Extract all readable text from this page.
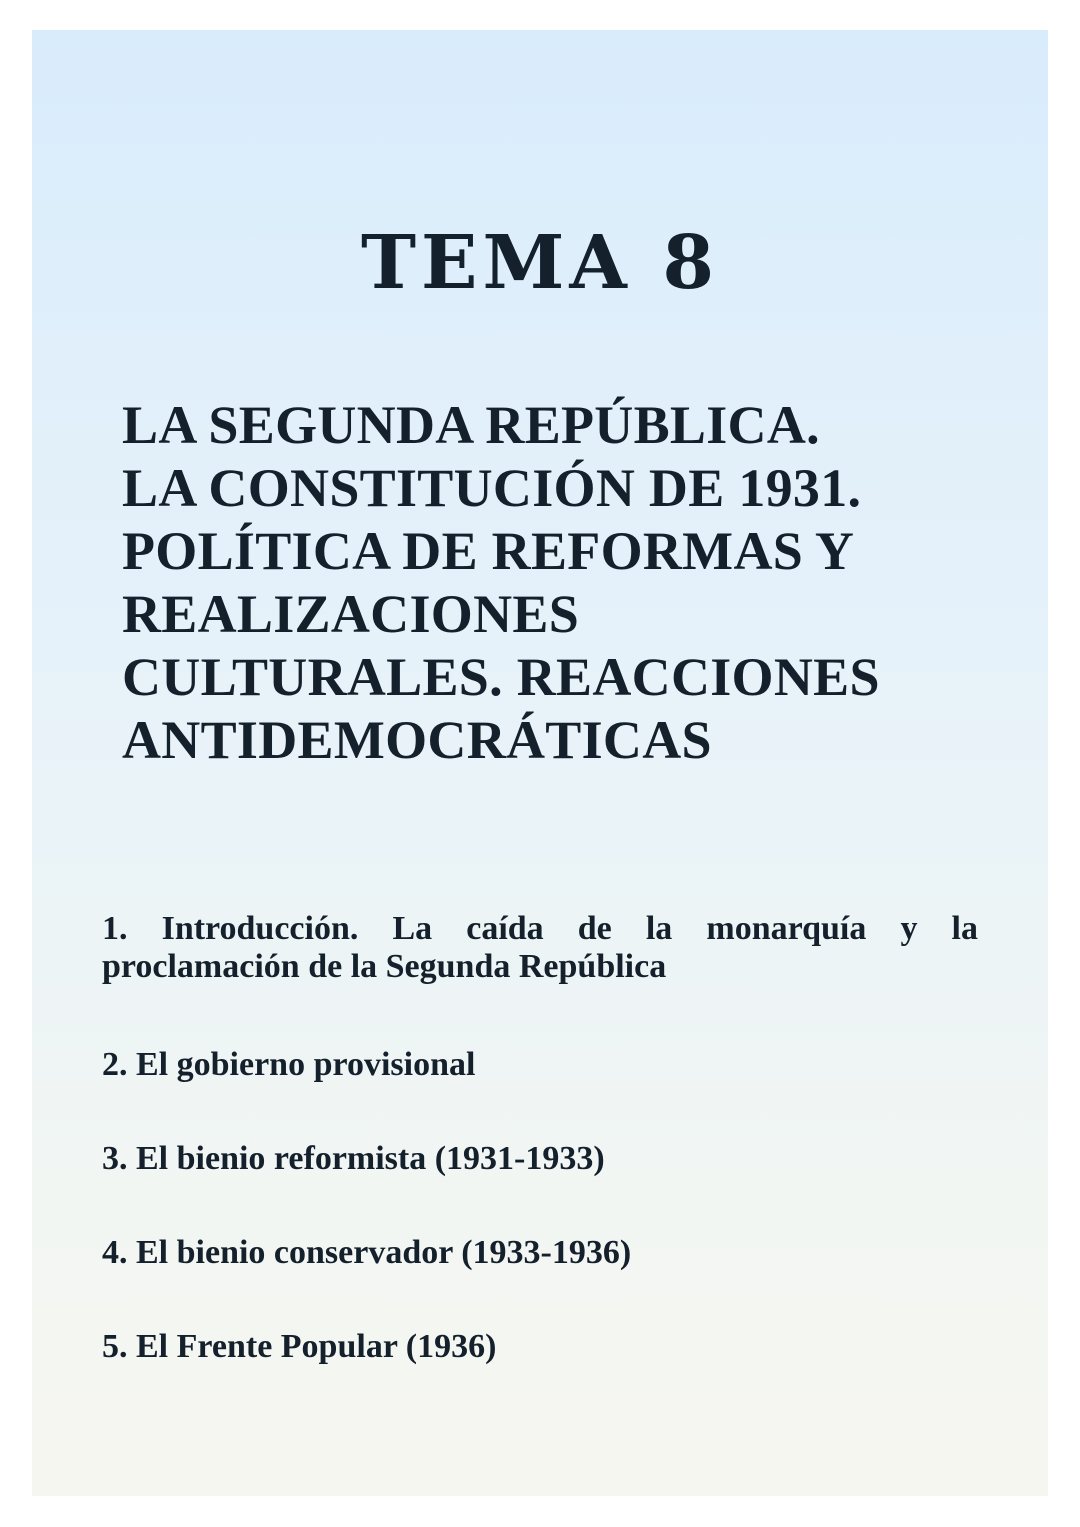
TEMA 8
LA SEGUNDA REPÚBLICA.
LA CONSTITUCIÓN DE 1931.
POLÍTICA DE REFORMAS Y
REALIZACIONES
CULTURALES. REACCIONES
ANTIDEMOCRÁTICAS
1. Introducción. La caída de la monarquía y la proclamación de la Segunda República
2. El gobierno provisional
3. El bienio reformista (1931-1933)
4. El bienio conservador (1933-1936)
5. El Frente Popular (1936)
